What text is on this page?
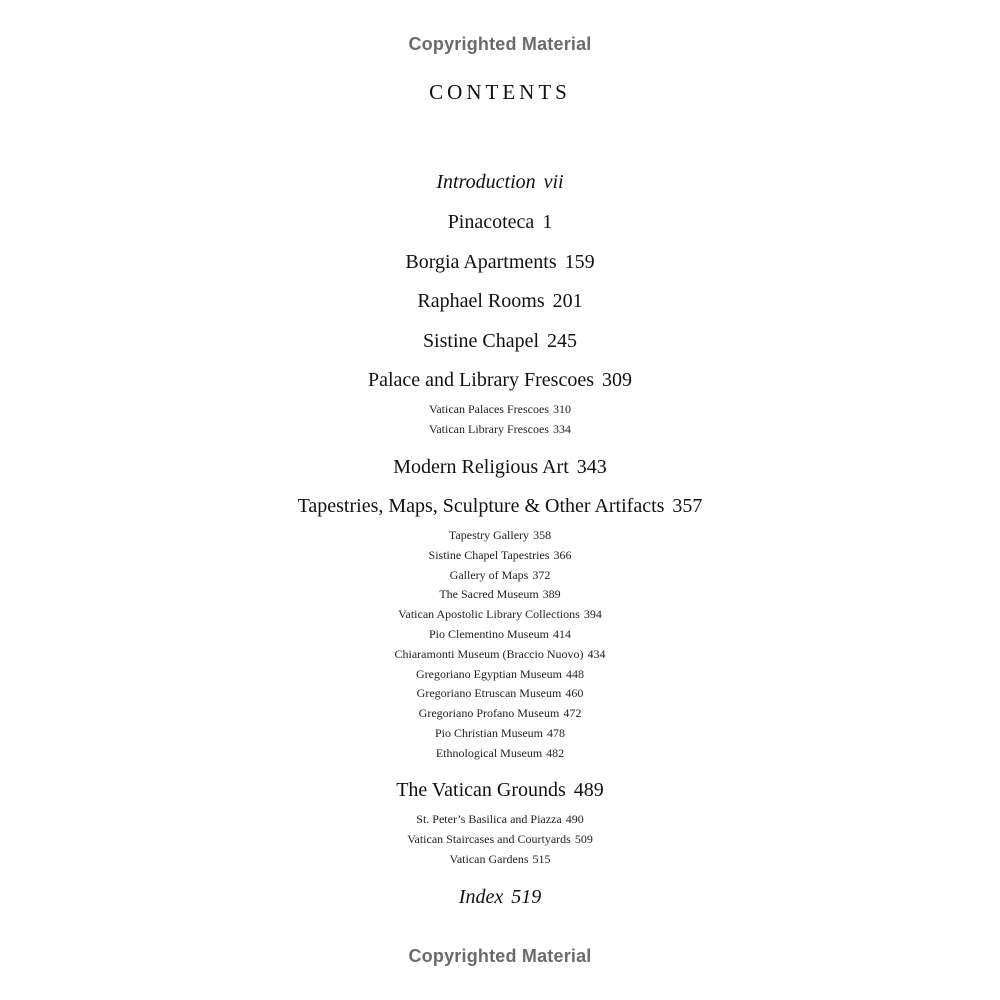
Copyrighted Material
CONTENTS
Introduction vii
Pinacoteca 1
Borgia Apartments 159
Raphael Rooms 201
Sistine Chapel 245
Palace and Library Frescoes 309
Vatican Palaces Frescoes 310
Vatican Library Frescoes 334
Modern Religious Art 343
Tapestries, Maps, Sculpture & Other Artifacts 357
Tapestry Gallery 358
Sistine Chapel Tapestries 366
Gallery of Maps 372
The Sacred Museum 389
Vatican Apostolic Library Collections 394
Pio Clementino Museum 414
Chiaramonti Museum (Braccio Nuovo) 434
Gregoriano Egyptian Museum 448
Gregoriano Etruscan Museum 460
Gregoriano Profano Museum 472
Pio Christian Museum 478
Ethnological Museum 482
The Vatican Grounds 489
St. Peter’s Basilica and Piazza 490
Vatican Staircases and Courtyards 509
Vatican Gardens 515
Index 519
Copyrighted Material
